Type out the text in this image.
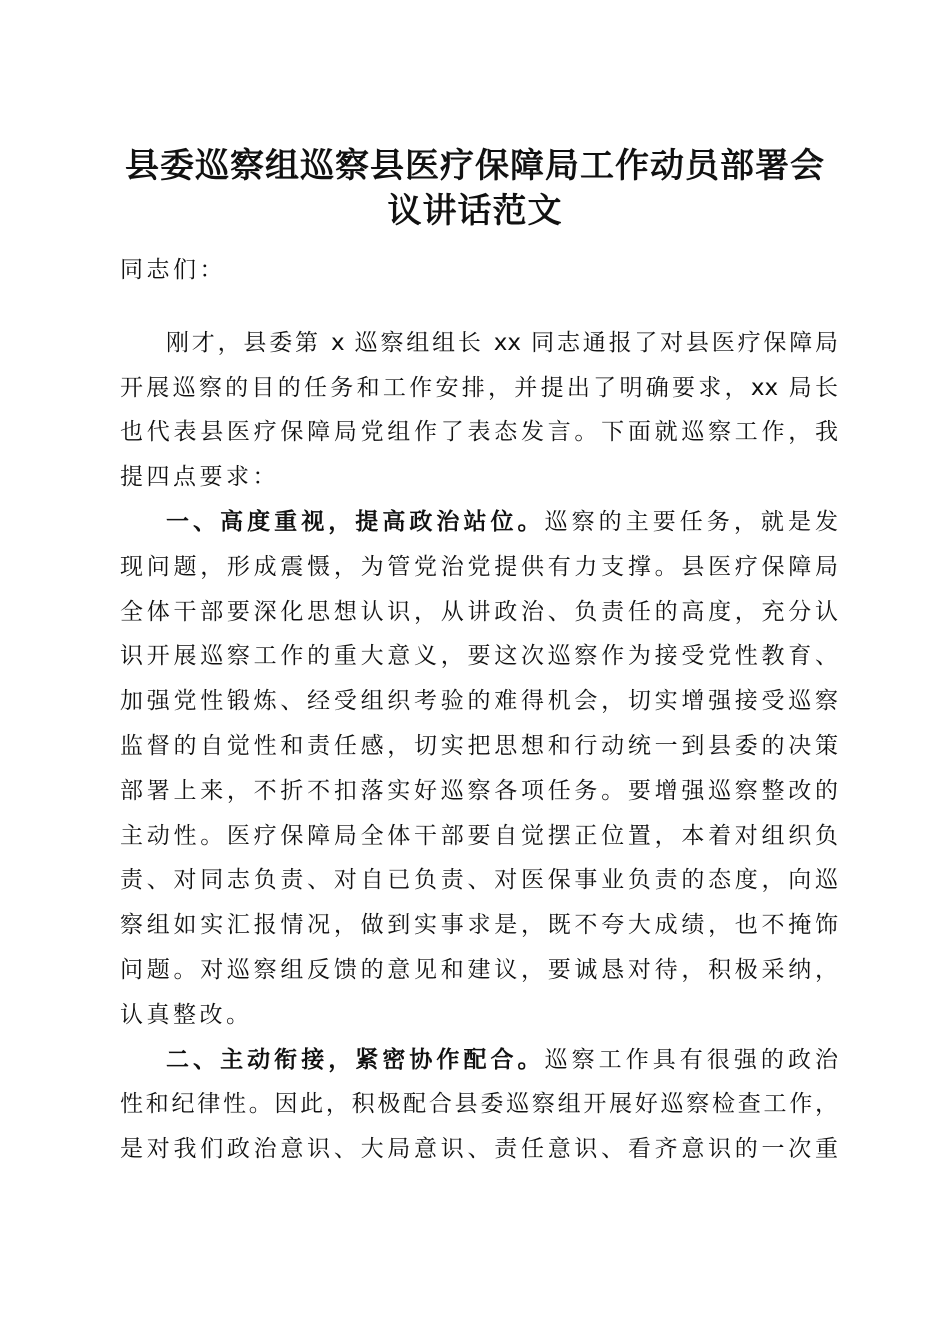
县委巡察组巡察县医疗保障局工作动员部署会
议讲话范文
同志们：
刚才，县委第 x 巡察组组长 xx 同志通报了对县医疗保障局
开展巡察的目的任务和工作安排，并提出了明确要求，xx 局长
也代表县医疗保障局党组作了表态发言。下面就巡察工作，我
提四点要求：
一、高度重视，提高政治站位。巡察的主要任务，就是发
现问题，形成震慑，为管党治党提供有力支撑。县医疗保障局
全体干部要深化思想认识，从讲政治、负责任的高度，充分认
识开展巡察工作的重大意义，要这次巡察作为接受党性教育、
加强党性锻炼、经受组织考验的难得机会，切实增强接受巡察
监督的自觉性和责任感，切实把思想和行动统一到县委的决策
部署上来，不折不扣落实好巡察各项任务。要增强巡察整改的
主动性。医疗保障局全体干部要自觉摆正位置，本着对组织负
责、对同志负责、对自已负责、对医保事业负责的态度，向巡
察组如实汇报情况，做到实事求是，既不夸大成绩，也不掩饰
问题。对巡察组反馈的意见和建议，要诚恳对待，积极采纳，
认真整改。
二、主动衔接，紧密协作配合。巡察工作具有很强的政治
性和纪律性。因此，积极配合县委巡察组开展好巡察检查工作，
是对我们政治意识、大局意识、责任意识、看齐意识的一次重
